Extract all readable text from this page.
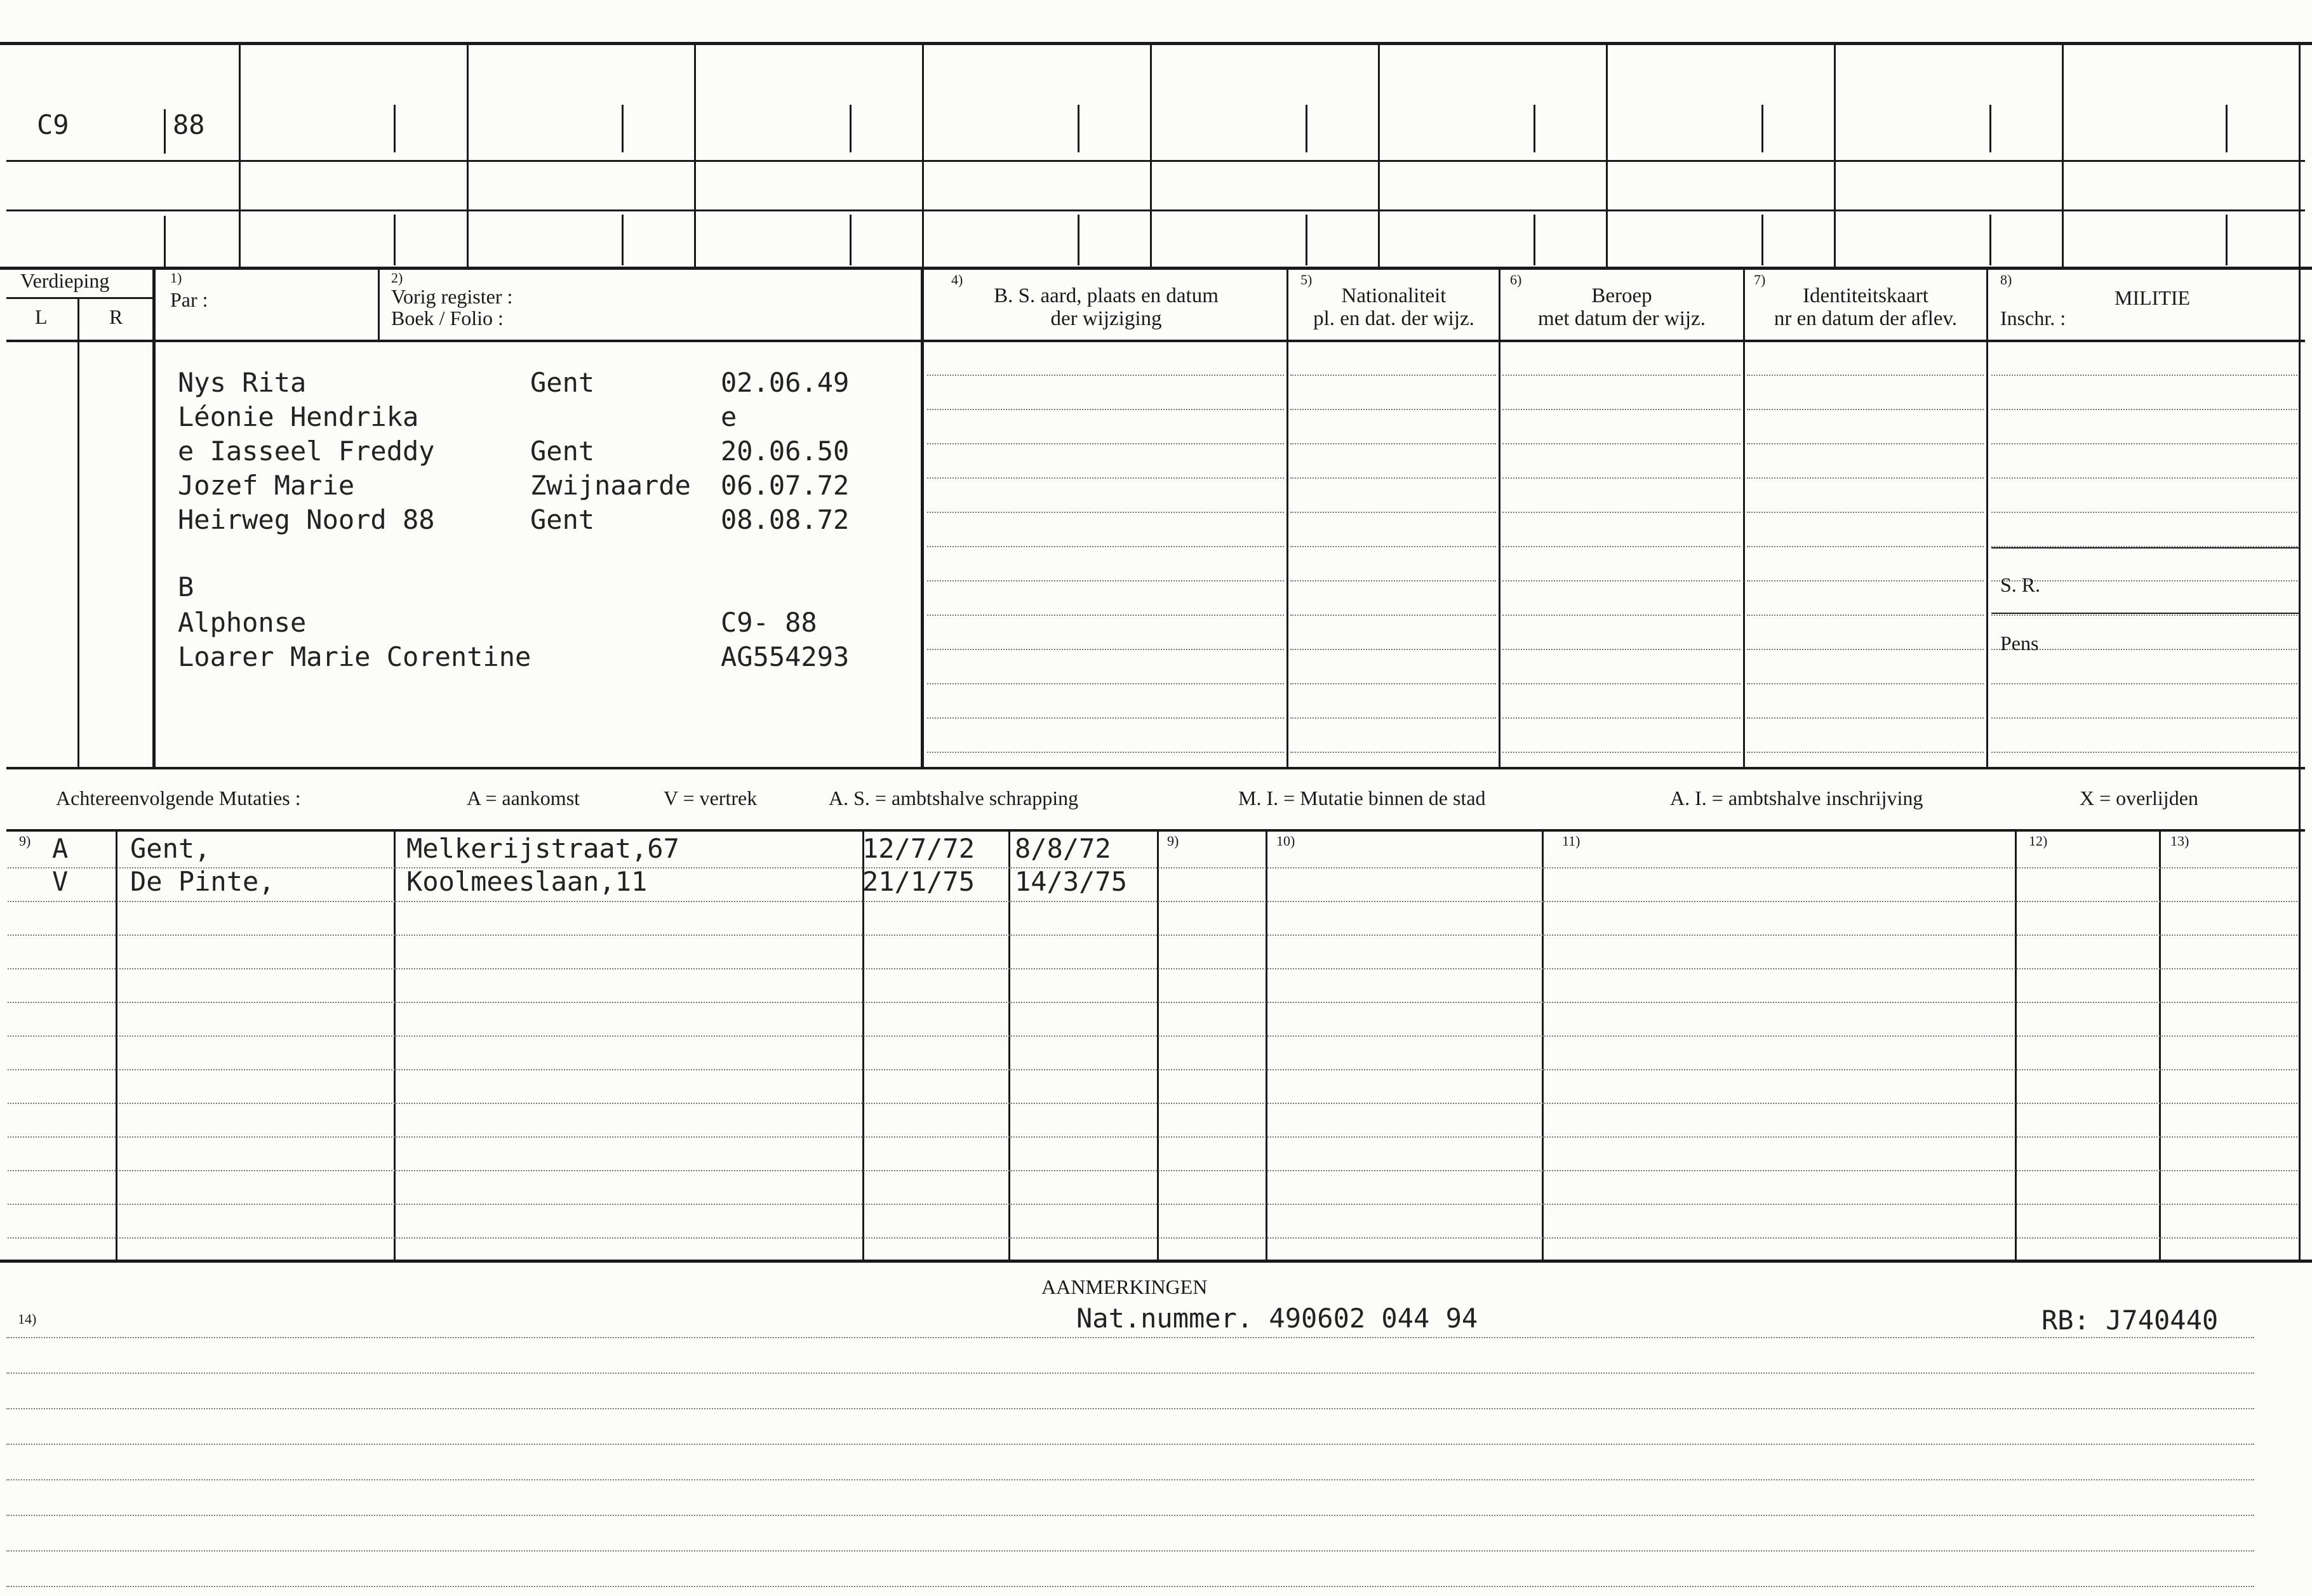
C9	88
Verdieping
L	R
1)
Par :
2)
Vorig register :
Boek / Folio :
4)
B. S. aard, plaats en datum
der wijziging
5)
Nationaliteit
pl. en dat. der wijz.
6)
Beroep
met datum der wijz.
7)
Identiteitskaart
nr en datum der aflev.
8)
MILITIE
Inschr. :
Nys Rita	Gent	02.06.49
Léonie Hendrika	e
e Iasseel Freddy	Gent	20.06.50
Jozef Marie	Zwijnaarde 06.07.72
Heirweg Noord 88	Gent	08.08.72
B
Alphonse	C9- 88
Loarer Marie Corentine	AG554293
S. R.
Pens
Achtereenvolgende Mutaties :	A = aankomst	V = vertrek	A. S. = ambtshalve schrapping	M. I. = Mutatie binnen de stad	A. I. = ambtshalve inschrijving	X = overlijden
9)	9)	10)	11)	12)	13)
A Gent,	Melkerijstraat,67	12/7/72 8/8/72
V De Pinte,	Koolmeeslaan,11	21/1/75 14/3/75
AANMERKINGEN
14)	Nat.nummer. 490602 044 94	RB: J740440
